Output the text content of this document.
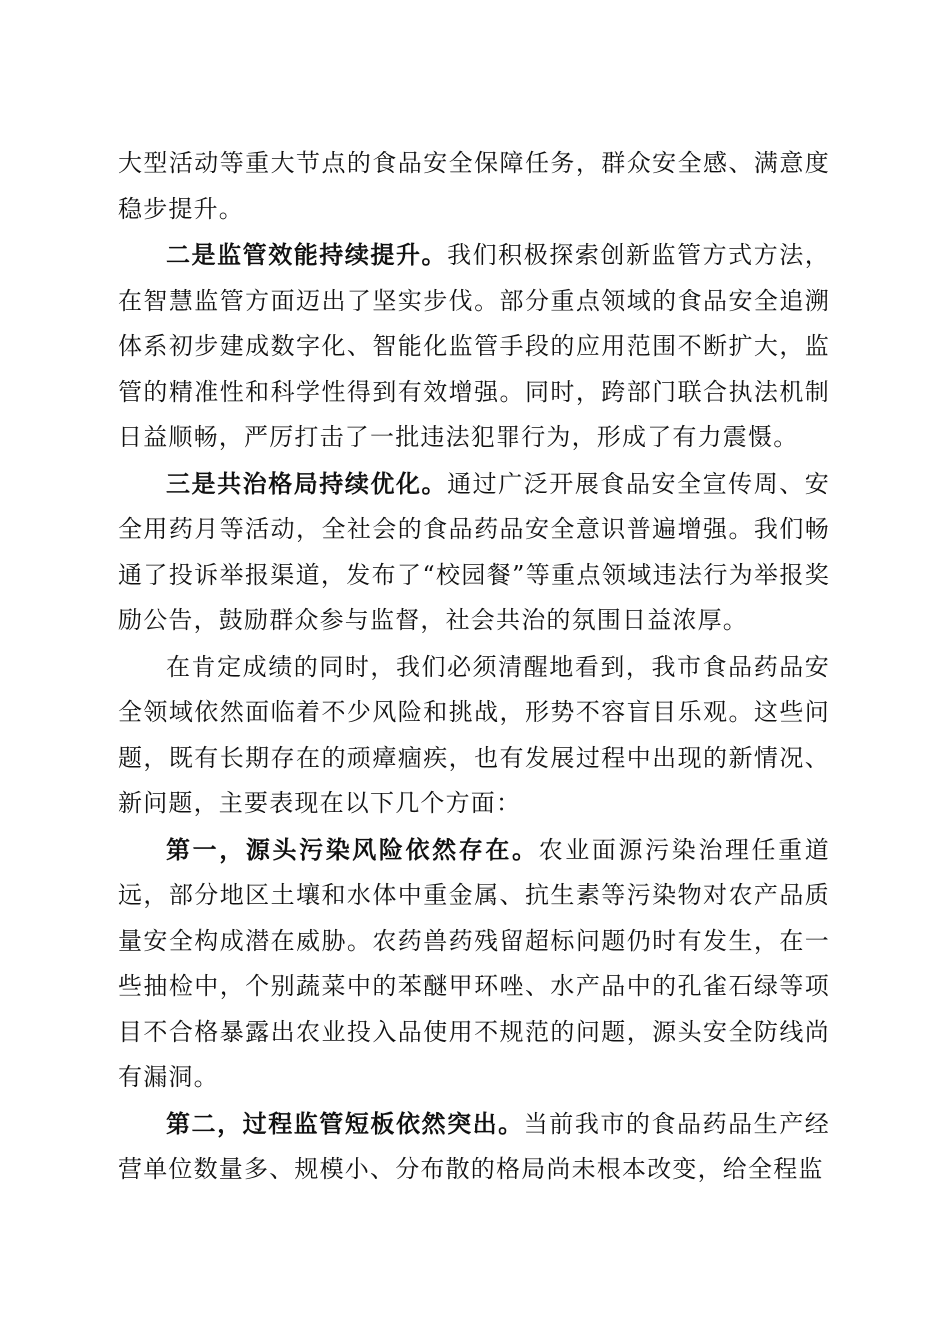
大型活动等重大节点的食品安全保障任务，群众安全感、满意度稳步提升。

二是监管效能持续提升。我们积极探索创新监管方式方法，在智慧监管方面迈出了坚实步伐。部分重点领域的食品安全追溯体系初步建成数字化、智能化监管手段的应用范围不断扩大，监管的精准性和科学性得到有效增强。同时，跨部门联合执法机制日益顺畅，严厉打击了一批违法犯罪行为，形成了有力震慑。

三是共治格局持续优化。通过广泛开展食品安全宣传周、安全用药月等活动，全社会的食品药品安全意识普遍增强。我们畅通了投诉举报渠道，发布了“校园餐”等重点领域违法行为举报奖励公告，鼓励群众参与监督，社会共治的氛围日益浓厚。

在肯定成绩的同时，我们必须清醒地看到，我市食品药品安全领域依然面临着不少风险和挑战，形势不容盲目乐观。这些问题，既有长期存在的顽瘴痼疾，也有发展过程中出现的新情况、新问题，主要表现在以下几个方面：

第一，源头污染风险依然存在。农业面源污染治理任重道远，部分地区土壤和水体中重金属、抗生素等污染物对农产品质量安全构成潜在威胁。农药兽药残留超标问题仍时有发生，在一些抽检中，个别蔬菜中的苯醚甲环唑、水产品中的孔雀石绿等项目不合格暴露出农业投入品使用不规范的问题，源头安全防线尚有漏洞。

第二，过程监管短板依然突出。当前我市的食品药品生产经营单位数量多、规模小、分布散的格局尚未根本改变，给全程监
